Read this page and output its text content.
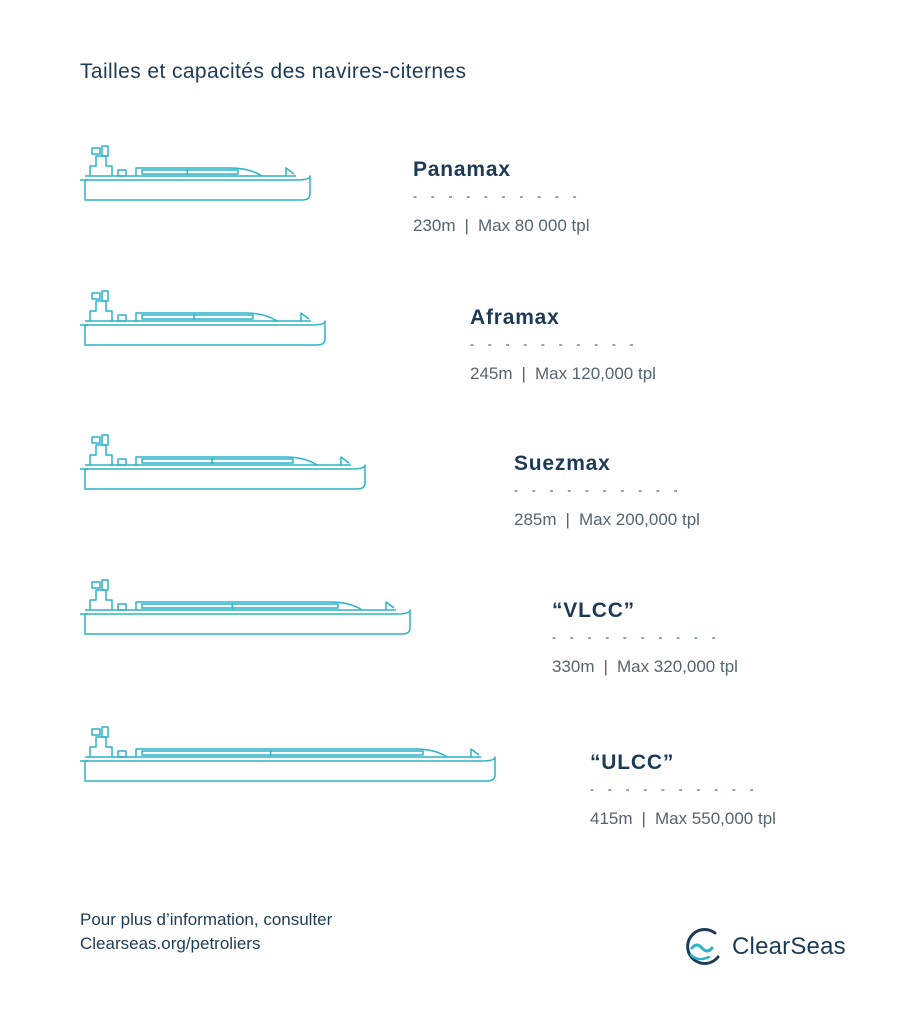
Tailles et capacités des navires-citernes
Panamax
- - - - - - - - - -
230m | Max 80 000 tpl
Aframax
- - - - - - - - - -
245m | Max 120,000 tpl
Suezmax
- - - - - - - - - -
285m | Max 200,000 tpl
“VLCC”
- - - - - - - - - -
330m | Max 320,000 tpl
“ULCC”
- - - - - - - - - -
415m | Max 550,000 tpl
Pour plus d’information, consulter
Clearseas.org/petroliers	ClearSeas
